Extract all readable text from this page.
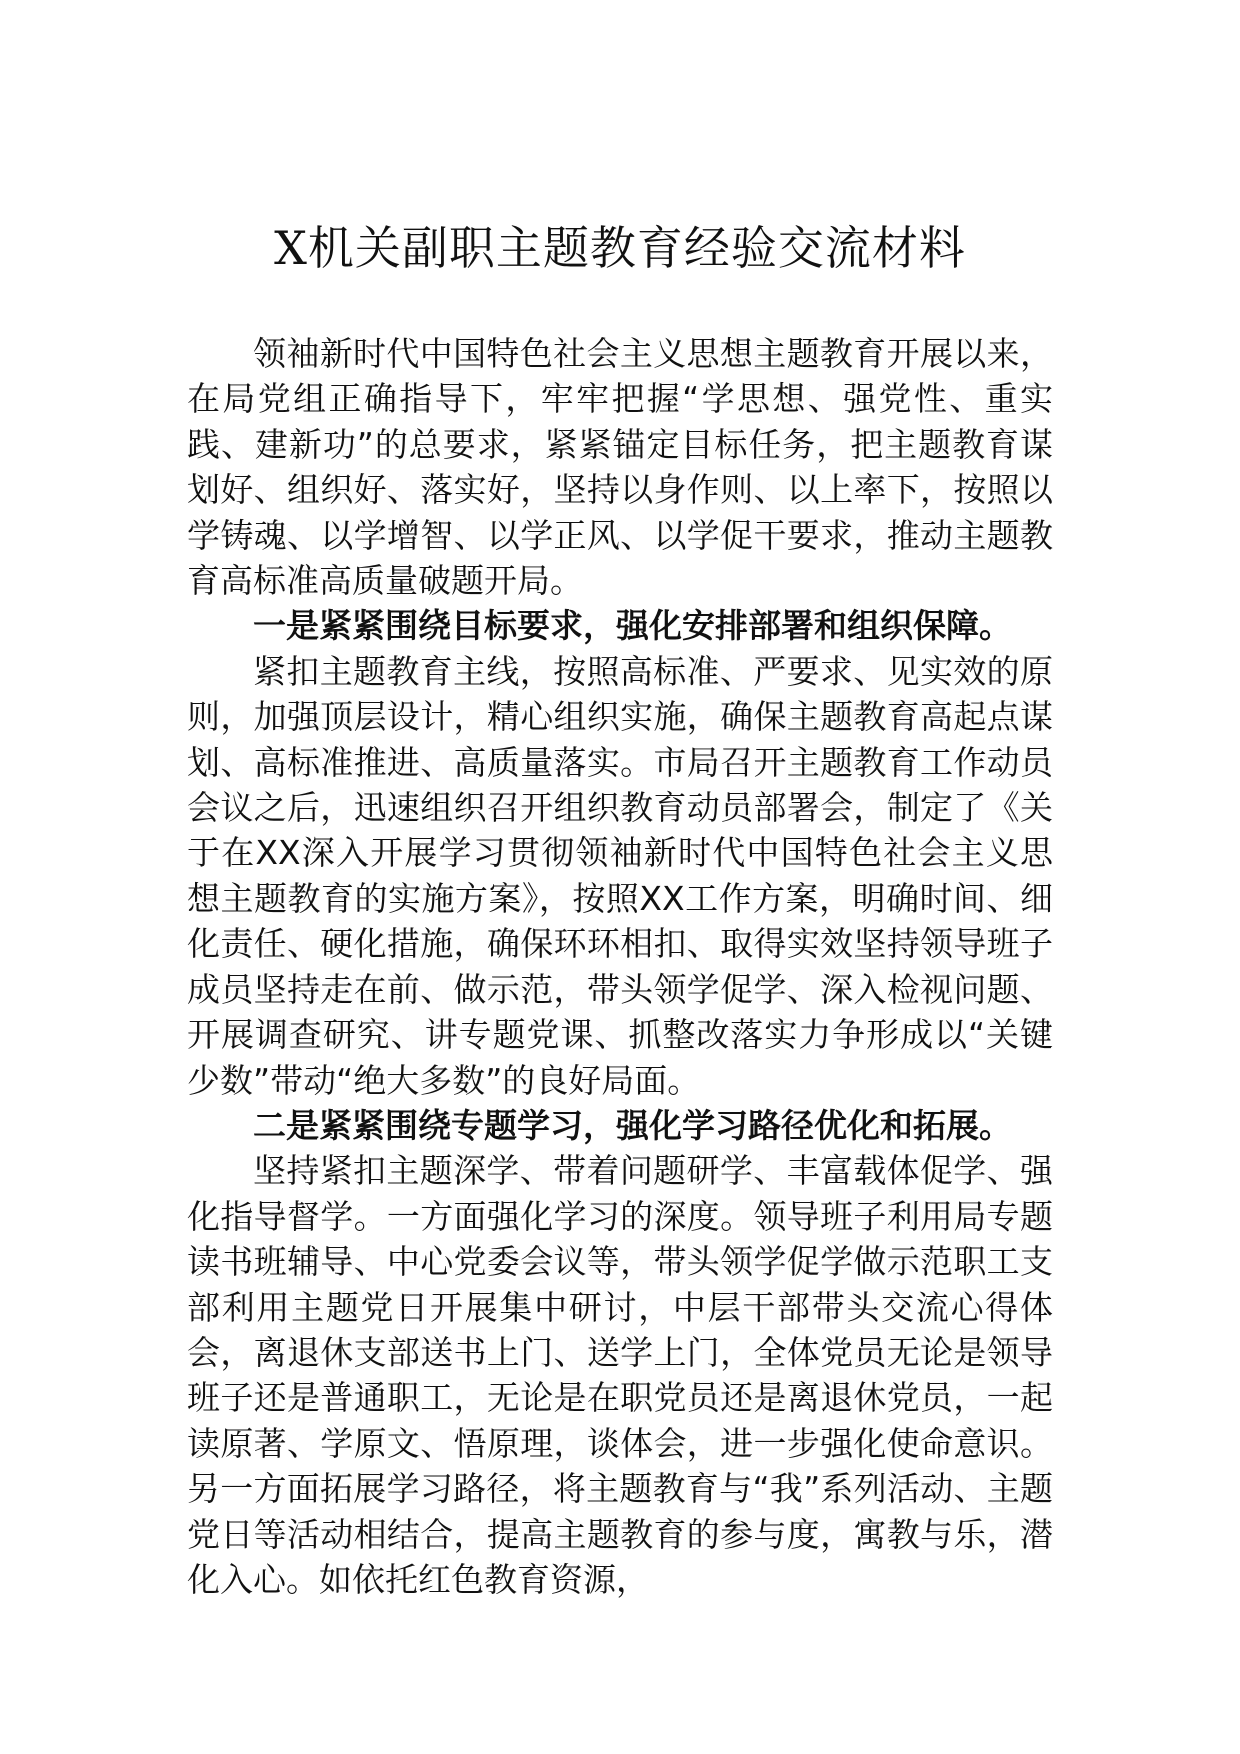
X机关副职主题教育经验交流材料

领袖新时代中国特色社会主义思想主题教育开展以来，在局党组正确指导下，牢牢把握“学思想、强党性、重实践、建新功”的总要求，紧紧锚定目标任务，把主题教育谋划好、组织好、落实好，坚持以身作则、以上率下，按照以学铸魂、以学增智、以学正风、以学促干要求，推动主题教育高标准高质量破题开局。

一是紧紧围绕目标要求，强化安排部署和组织保障。

紧扣主题教育主线，按照高标准、严要求、见实效的原则，加强顶层设计，精心组织实施，确保主题教育高起点谋划、高标准推进、高质量落实。市局召开主题教育工作动员会议之后，迅速组织召开组织教育动员部署会，制定了《关于在XX深入开展学习贯彻领袖新时代中国特色社会主义思想主题教育的实施方案》，按照XX工作方案，明确时间、细化责任、硬化措施，确保环环相扣、取得实效坚持领导班子成员坚持走在前、做示范，带头领学促学、深入检视问题、开展调查研究、讲专题党课、抓整改落实力争形成以“关键少数”带动“绝大多数”的良好局面。

二是紧紧围绕专题学习，强化学习路径优化和拓展。

坚持紧扣主题深学、带着问题研学、丰富载体促学、强化指导督学。一方面强化学习的深度。领导班子利用局专题读书班辅导、中心党委会议等，带头领学促学做示范职工支部利用主题党日开展集中研讨，中层干部带头交流心得体会，离退休支部送书上门、送学上门，全体党员无论是领导班子还是普通职工，无论是在职党员还是离退休党员，一起读原著、学原文、悟原理，谈体会，进一步强化使命意识。另一方面拓展学习路径，将主题教育与“我”系列活动、主题党日等活动相结合，提高主题教育的参与度，寓教与乐，潜化入心。如依托红色教育资源，
